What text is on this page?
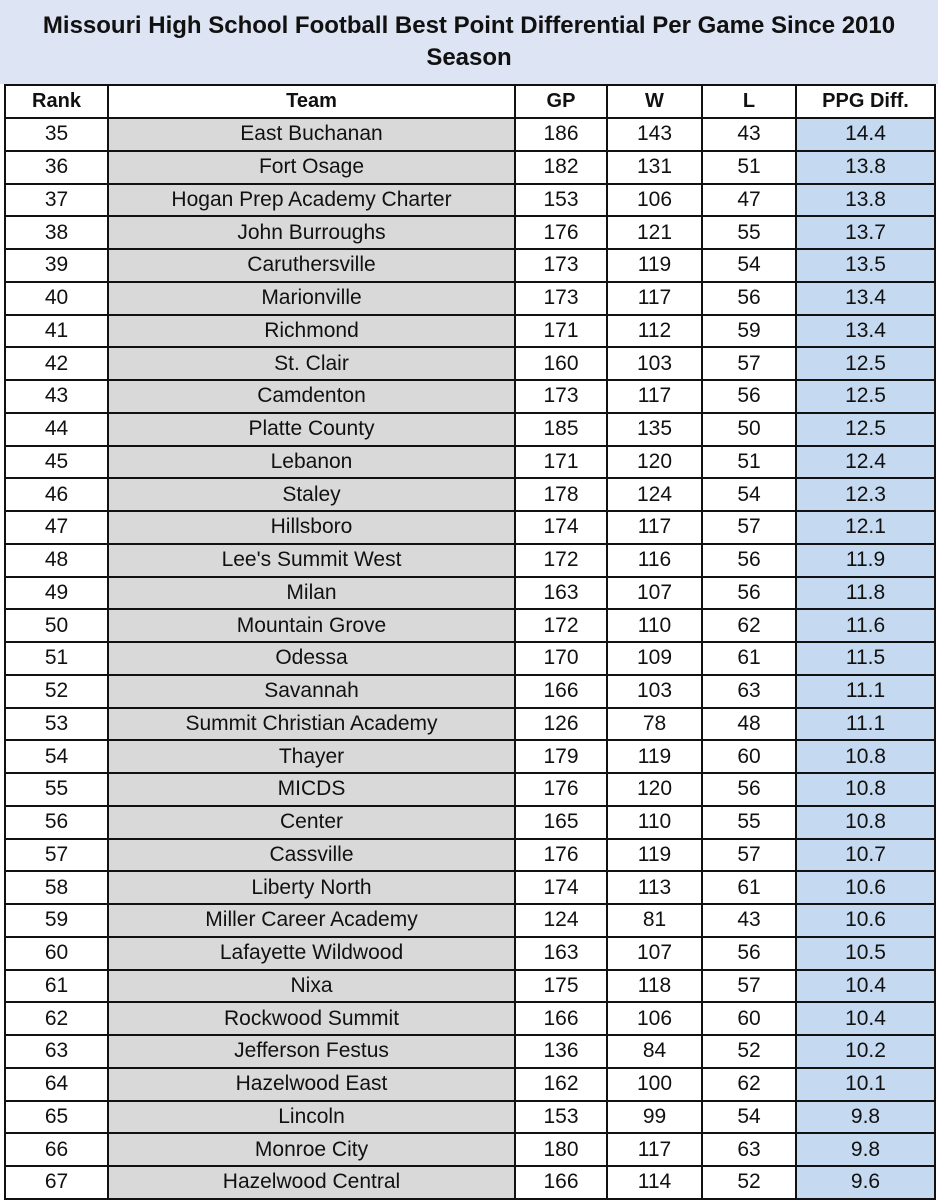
Missouri High School Football Best Point Differential Per Game Since 2010 Season
Rank	Team	GP	W	L	PPG Diff.
35	East Buchanan	186	143	43	14.4
36	Fort Osage	182	131	51	13.8
37	Hogan Prep Academy Charter	153	106	47	13.8
38	John Burroughs	176	121	55	13.7
39	Caruthersville	173	119	54	13.5
40	Marionville	173	117	56	13.4
41	Richmond	171	112	59	13.4
42	St. Clair	160	103	57	12.5
43	Camdenton	173	117	56	12.5
44	Platte County	185	135	50	12.5
45	Lebanon	171	120	51	12.4
46	Staley	178	124	54	12.3
47	Hillsboro	174	117	57	12.1
48	Lee's Summit West	172	116	56	11.9
49	Milan	163	107	56	11.8
50	Mountain Grove	172	110	62	11.6
51	Odessa	170	109	61	11.5
52	Savannah	166	103	63	11.1
53	Summit Christian Academy	126	78	48	11.1
54	Thayer	179	119	60	10.8
55	MICDS	176	120	56	10.8
56	Center	165	110	55	10.8
57	Cassville	176	119	57	10.7
58	Liberty North	174	113	61	10.6
59	Miller Career Academy	124	81	43	10.6
60	Lafayette Wildwood	163	107	56	10.5
61	Nixa	175	118	57	10.4
62	Rockwood Summit	166	106	60	10.4
63	Jefferson Festus	136	84	52	10.2
64	Hazelwood East	162	100	62	10.1
65	Lincoln	153	99	54	9.8
66	Monroe City	180	117	63	9.8
67	Hazelwood Central	166	114	52	9.6
